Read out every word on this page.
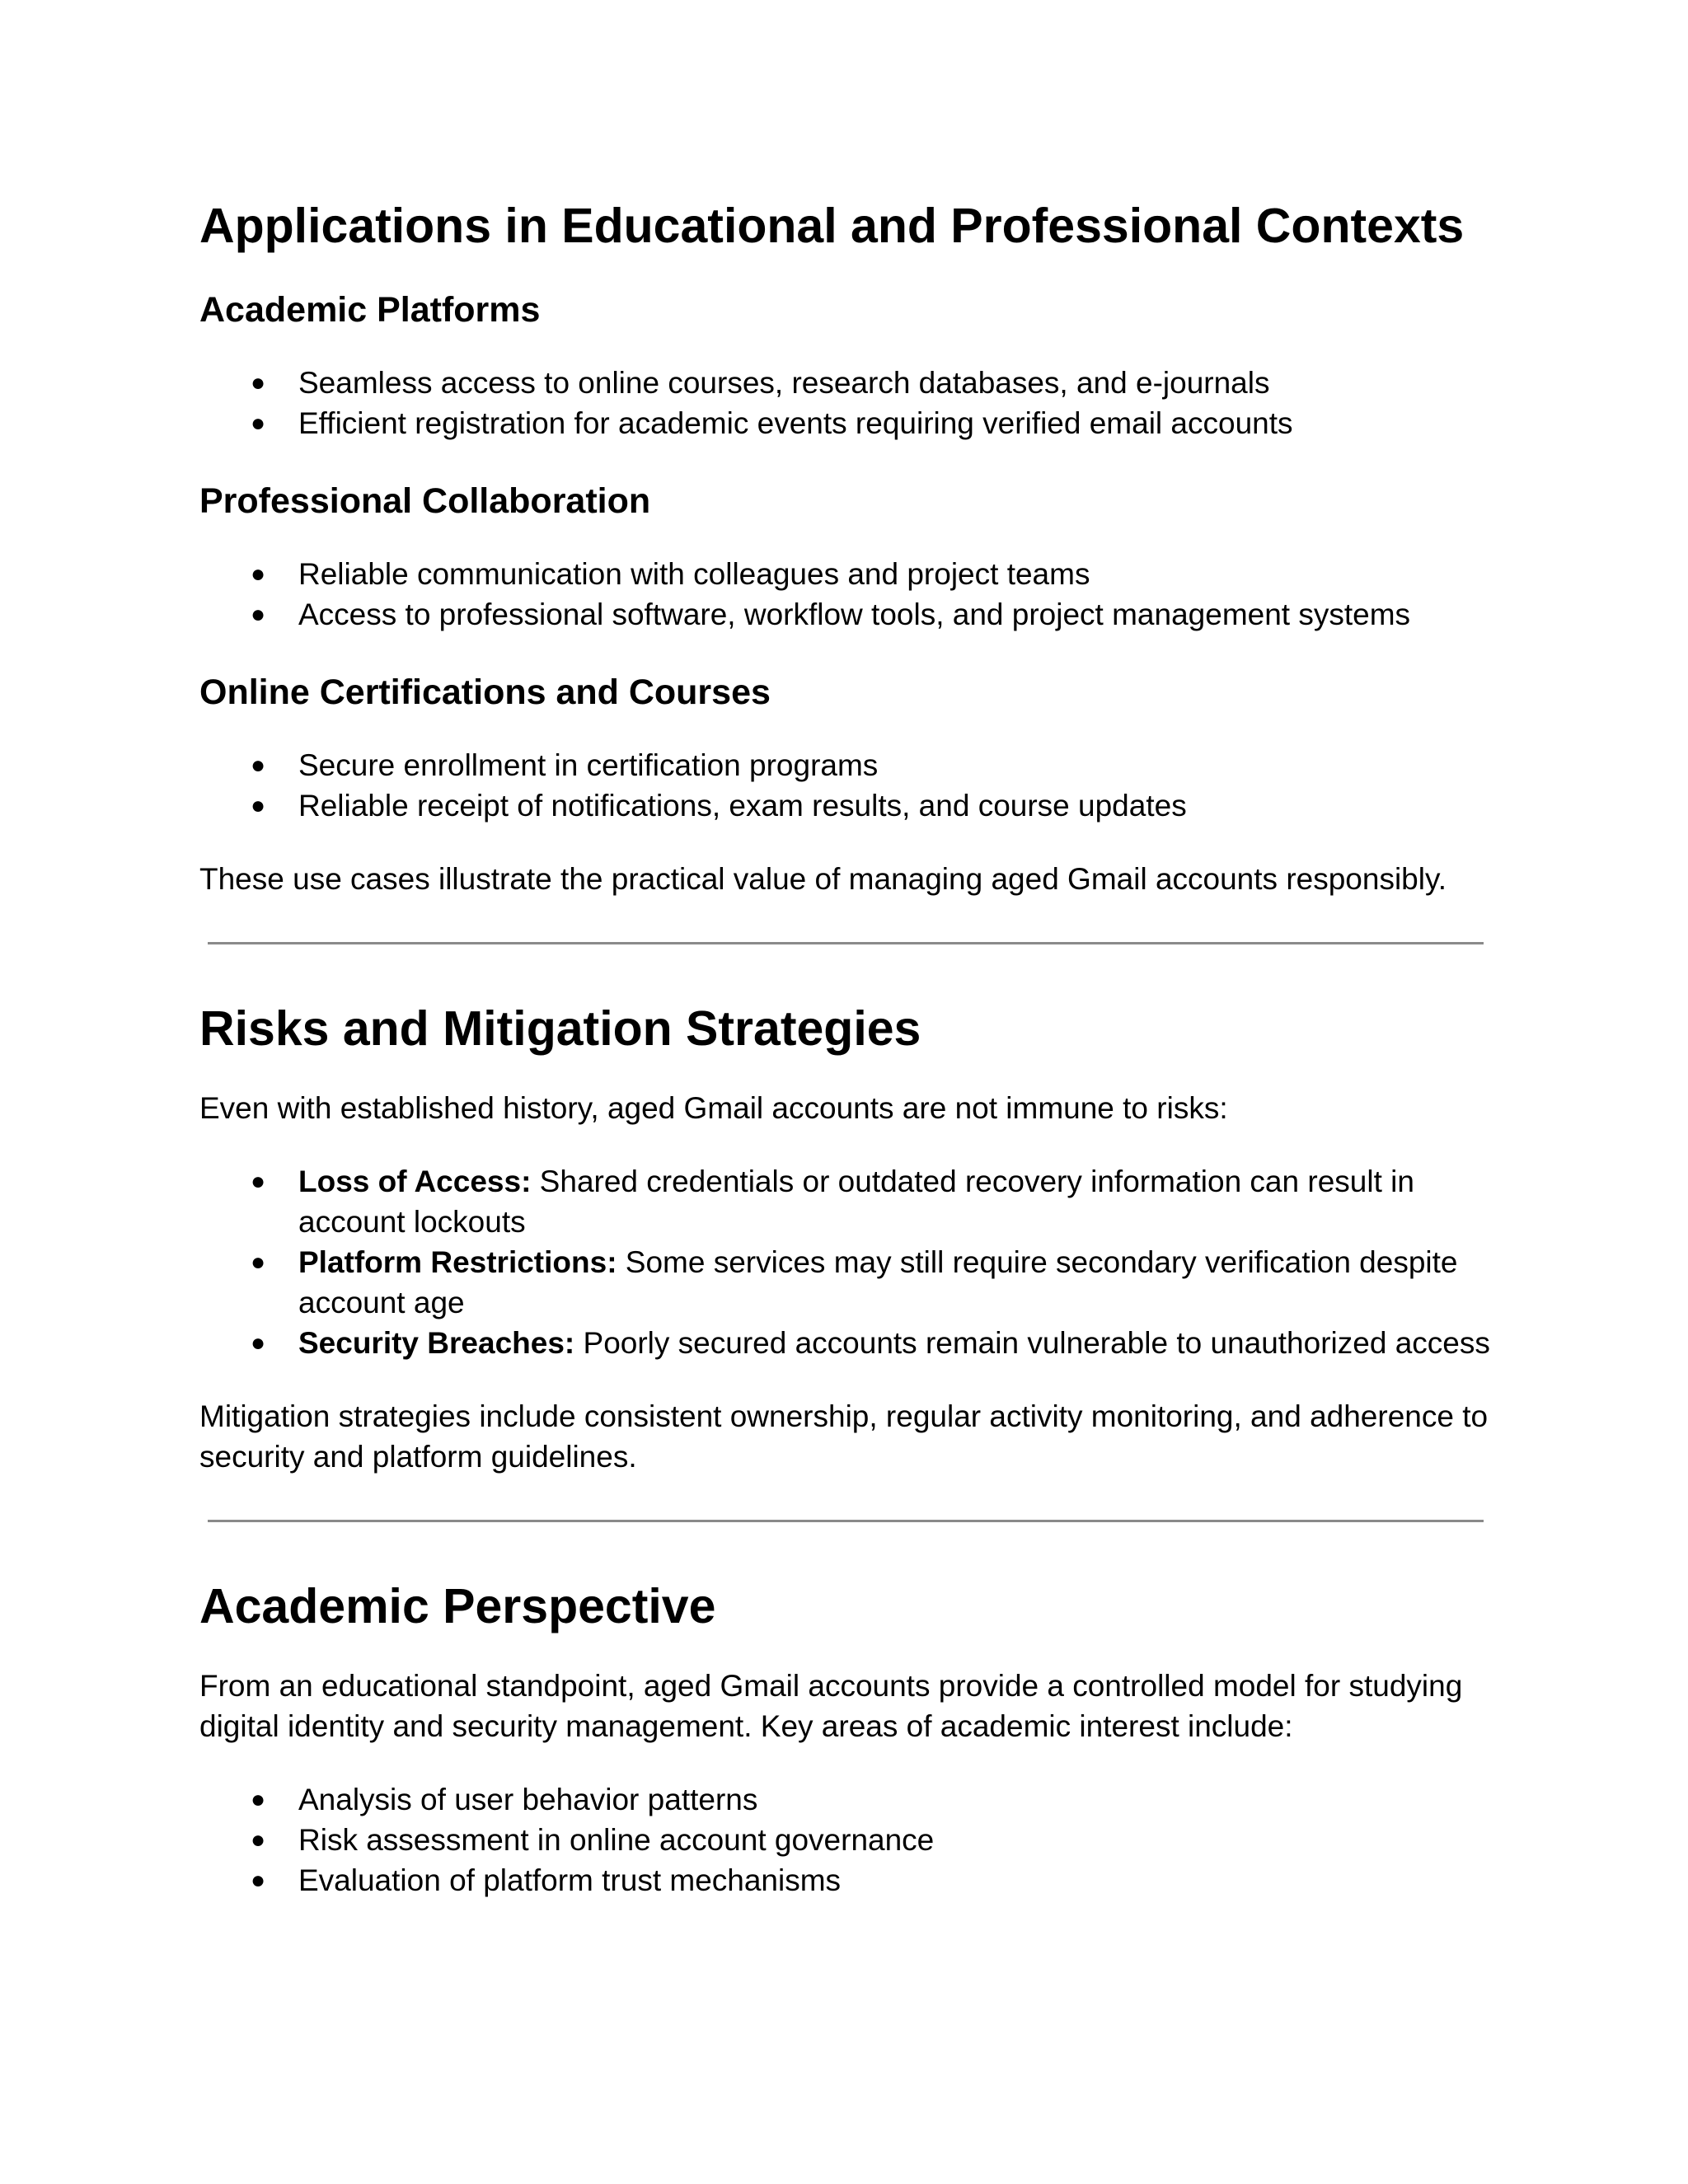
Applications in Educational and Professional Contexts
Academic Platforms
● Seamless access to online courses, research databases, and e-journals
● Efficient registration for academic events requiring verified email accounts
Professional Collaboration
● Reliable communication with colleagues and project teams
● Access to professional software, workflow tools, and project management systems
Online Certifications and Courses
● Secure enrollment in certification programs
● Reliable receipt of notifications, exam results, and course updates

These use cases illustrate the practical value of managing aged Gmail accounts responsibly.

Risks and Mitigation Strategies

Even with established history, aged Gmail accounts are not immune to risks:

● Loss of Access: Shared credentials or outdated recovery information can result in account lockouts
● Platform Restrictions: Some services may still require secondary verification despite account age
● Security Breaches: Poorly secured accounts remain vulnerable to unauthorized access

Mitigation strategies include consistent ownership, regular activity monitoring, and adherence to security and platform guidelines.

Academic Perspective

From an educational standpoint, aged Gmail accounts provide a controlled model for studying digital identity and security management. Key areas of academic interest include:

● Analysis of user behavior patterns
● Risk assessment in online account governance
● Evaluation of platform trust mechanisms
